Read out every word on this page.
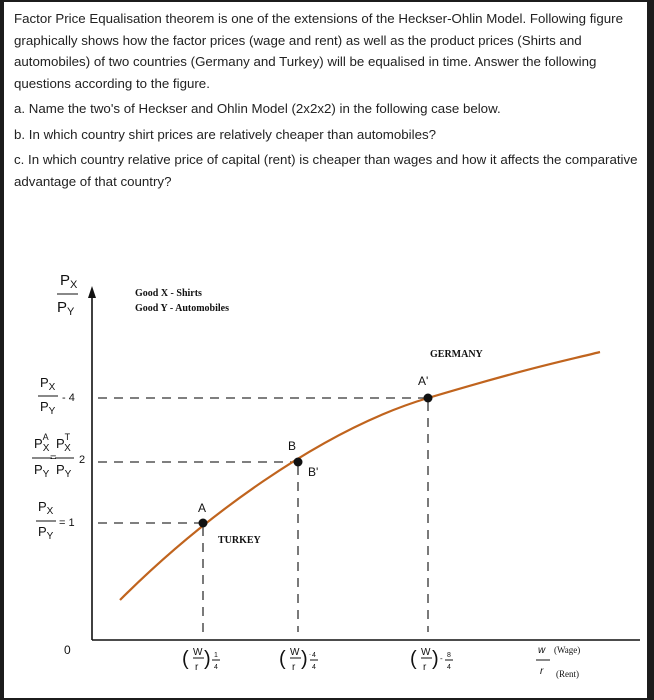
Factor Price Equalisation theorem is one of the extensions of the Heckser-Ohlin Model. Following figure graphically shows how the factor prices (wage and rent) as well as the product prices (Shirts and automobiles) of two countries (Germany and Turkey) will be equalised in time. Answer the following questions according to the figure.

a. Name the two's of Heckser and Ohlin Model (2x2x2) in the following case below.

b. In which country shirt prices are relatively cheaper than automobiles?

c. In which country relative price of capital (rent) is cheaper than wages and how it affects the comparative advantage of that country?

$P_X$
$P_Y$
Good X - Shirts
Good Y - Automobiles
GERMANY
TURKEY
A
B
B'
A'
$P_X$
$P_Y$
- 4
$P^A$ X $P^T$ X
=
$P_Y$ $P_Y$
2
$P_X$
$P_Y$
= 1
0	( W
r ) 1
4	( W
r ) . 4
4	( W
r ) - 8
4
w (Wage)
r (Rent)
